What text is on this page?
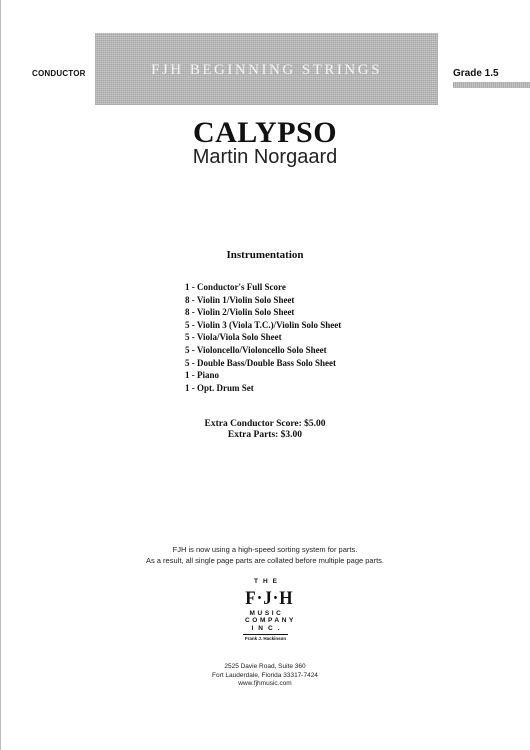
FJH BEGINNING STRINGS
CONDUCTOR	Grade 1.5
CALYPSO
Martin Norgaard
Instrumentation
1 - Conductor's Full Score
8 - Violin 1/Violin Solo Sheet
8 - Violin 2/Violin Solo Sheet
5 - Violin 3 (Viola T.C.)/Violin Solo Sheet
5 - Viola/Viola Solo Sheet
5 - Violoncello/Violoncello Solo Sheet
5 - Double Bass/Double Bass Solo Sheet
1 - Piano
1 - Opt. Drum Set
Extra Conductor Score: $5.00
Extra Parts: $3.00
FJH is now using a high-speed sorting system for parts.
As a result, all single page parts are collated before multiple page parts.
THE
F·J·H
MUSIC
COMPANY
INC.
Frank J. Hackinson
2525 Davie Road, Suite 360
Fort Lauderdale, Florida 33317-7424
www.fjhmusic.com
